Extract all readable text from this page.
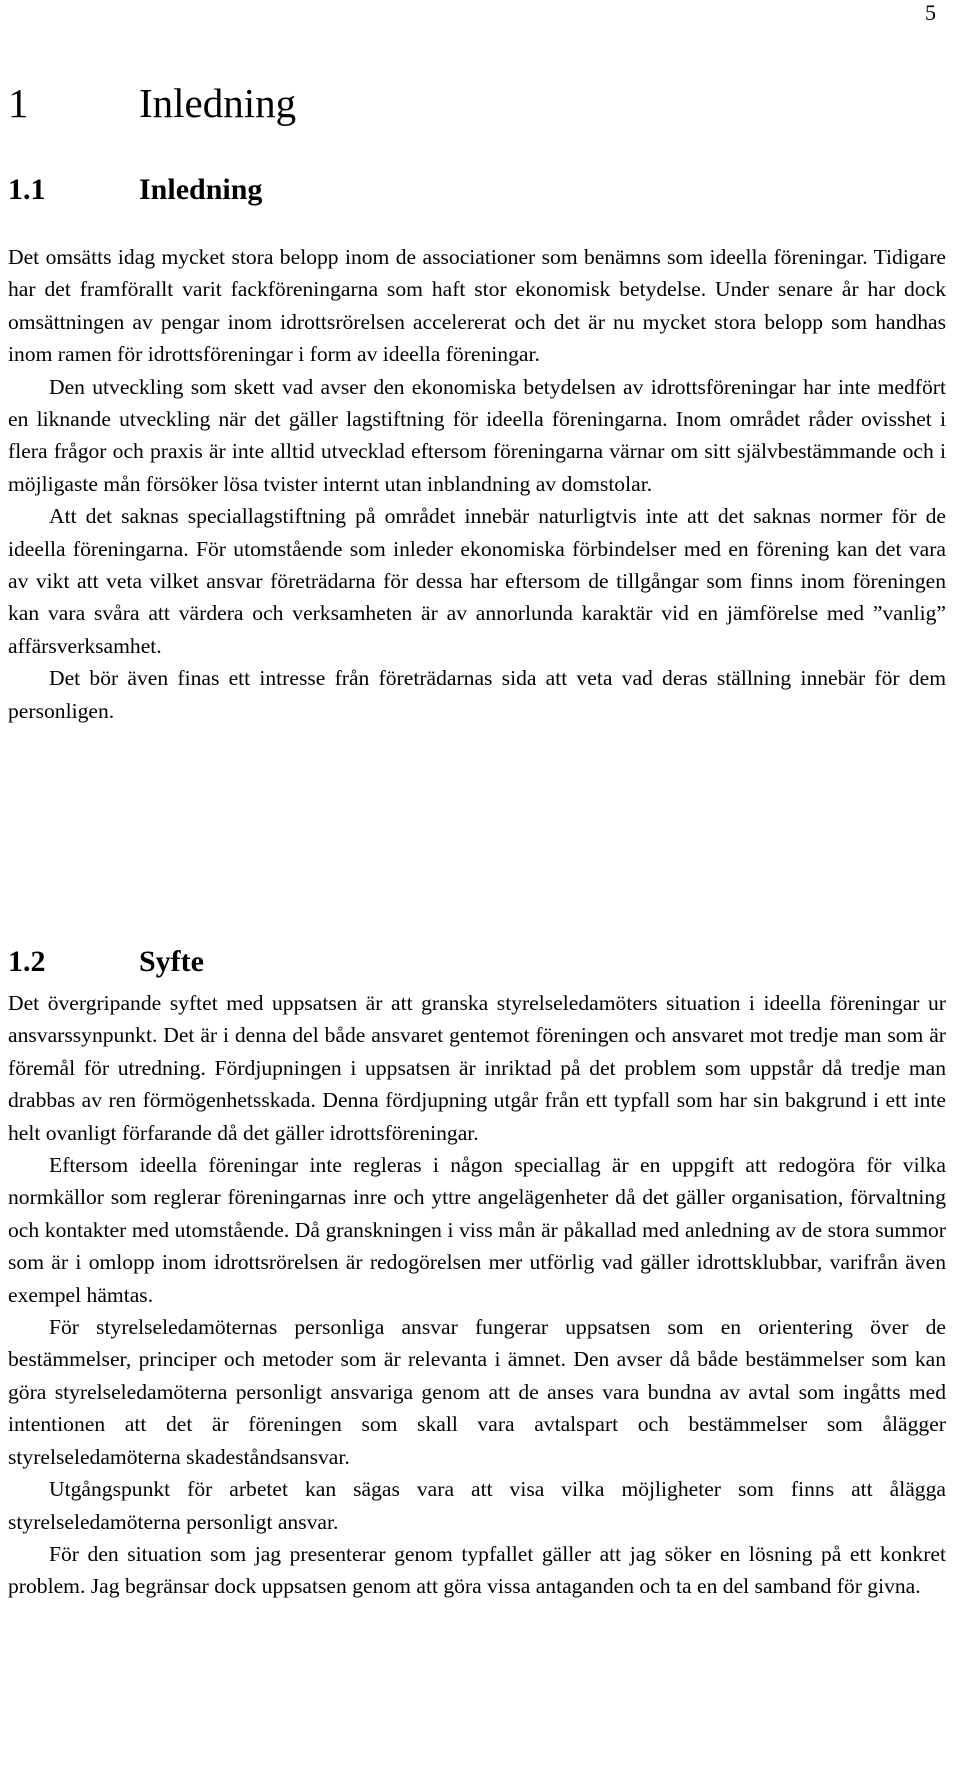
5
1	Inledning
1.1	Inledning

Det omsätts idag mycket stora belopp inom de associationer som benämns som ideella föreningar. Tidigare har det framförallt varit fackföreningarna som haft stor ekonomisk betydelse. Under senare år har dock omsättningen av pengar inom idrottsrörelsen accelererat och det är nu mycket stora belopp som handhas inom ramen för idrottsföreningar i form av ideella föreningar.

Den utveckling som skett vad avser den ekonomiska betydelsen av idrottsföreningar har inte medfört en liknande utveckling när det gäller lagstiftning för ideella föreningarna. Inom området råder ovisshet i flera frågor och praxis är inte alltid utvecklad eftersom föreningarna värnar om sitt självbestämmande och i möjligaste mån försöker lösa tvister internt utan inblandning av domstolar.

Att det saknas speciallagstiftning på området innebär naturligtvis inte att det saknas normer för de ideella föreningarna. För utomstående som inleder ekonomiska förbindelser med en förening kan det vara av vikt att veta vilket ansvar företrädarna för dessa har eftersom de tillgångar som finns inom föreningen kan vara svåra att värdera och verksamheten är av annorlunda karaktär vid en jämförelse med ”vanlig” affärsverksamhet.

Det bör även finas ett intresse från företrädarnas sida att veta vad deras ställning innebär för dem personligen.

1.2	Syfte

Det övergripande syftet med uppsatsen är att granska styrelseledamöters situation i ideella föreningar ur ansvarssynpunkt. Det är i denna del både ansvaret gentemot föreningen och ansvaret mot tredje man som är föremål för utredning. Fördjupningen i uppsatsen är inriktad på det problem som uppstår då tredje man drabbas av ren förmögenhetsskada. Denna fördjupning utgår från ett typfall som har sin bakgrund i ett inte helt ovanligt förfarande då det gäller idrottsföreningar.

Eftersom ideella föreningar inte regleras i någon speciallag är en uppgift att redogöra för vilka normkällor som reglerar föreningarnas inre och yttre angelägenheter då det gäller organisation, förvaltning och kontakter med utomstående. Då granskningen i viss mån är påkallad med anledning av de stora summor som är i omlopp inom idrottsrörelsen är redogörelsen mer utförlig vad gäller idrottsklubbar, varifrån även exempel hämtas.

För styrelseledamöternas personliga ansvar fungerar uppsatsen som en orientering över de bestämmelser, principer och metoder som är relevanta i ämnet. Den avser då både bestämmelser som kan göra styrelseledamöterna personligt ansvariga genom att de anses vara bundna av avtal som ingåtts med intentionen att det är föreningen som skall vara avtalspart och bestämmelser som ålägger styrelseledamöterna skadeståndsansvar.

Utgångspunkt för arbetet kan sägas vara att visa vilka möjligheter som finns att ålägga styrelseledamöterna personligt ansvar.

För den situation som jag presenterar genom typfallet gäller att jag söker en lösning på ett konkret problem. Jag begränsar dock uppsatsen genom att göra vissa antaganden och ta en del samband för givna.
